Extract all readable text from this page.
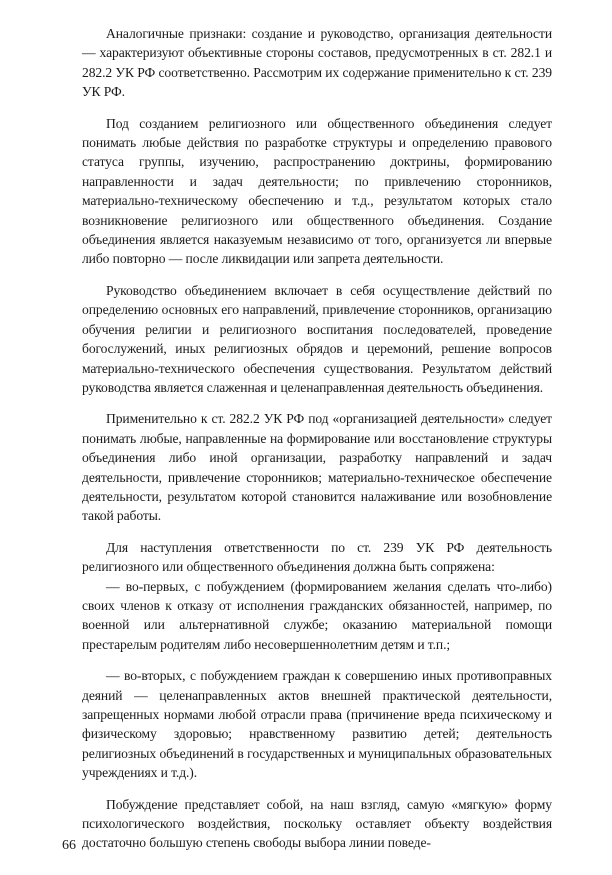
Аналогичные признаки: создание и руководство, организация деятельности — характеризуют объективные стороны составов, предусмотренных в ст. 282.1 и 282.2 УК РФ соответственно. Рассмотрим их содержание применительно к ст. 239 УК РФ.

Под созданием религиозного или общественного объединения следует понимать любые действия по разработке структуры и определению правового статуса группы, изучению, распространению доктрины, формированию направленности и задач деятельности; по привлечению сторонников, материально-техническому обеспечению и т.д., результатом которых стало возникновение религиозного или общественного объединения. Создание объединения является наказуемым независимо от того, организуется ли впервые либо повторно — после ликвидации или запрета деятельности.

Руководство объединением включает в себя осуществление действий по определению основных его направлений, привлечение сторонников, организацию обучения религии и религиозного воспитания последователей, проведение богослужений, иных религиозных обрядов и церемоний, решение вопросов материально-технического обеспечения существования. Результатом действий руководства является слаженная и целенаправленная деятельность объединения.

Применительно к ст. 282.2 УК РФ под «организацией деятельности» следует понимать любые, направленные на формирование или восстановление структуры объединения либо иной организации, разработку направлений и задач деятельности, привлечение сторонников; материально-техническое обеспечение деятельности, результатом которой становится налаживание или возобновление такой работы.

Для наступления ответственности по ст. 239 УК РФ деятельность религиозного или общественного объединения должна быть сопряжена:

— во-первых, с побуждением (формированием желания сделать что-либо) своих членов к отказу от исполнения гражданских обязанностей, например, по военной или альтернативной службе; оказанию материальной помощи престарелым родителям либо несовершеннолетним детям и т.п.;

— во-вторых, с побуждением граждан к совершению иных противоправных деяний — целенаправленных актов внешней практической деятельности, запрещенных нормами любой отрасли права (причинение вреда психическому и физическому здоровью; нравственному развитию детей; деятельность религиозных объединений в государственных и муниципальных образовательных учреждениях и т.д.).

Побуждение представляет собой, на наш взгляд, самую «мягкую» форму психологического воздействия, поскольку оставляет объекту воздействия достаточно большую степень свободы выбора линии поведе-

66
